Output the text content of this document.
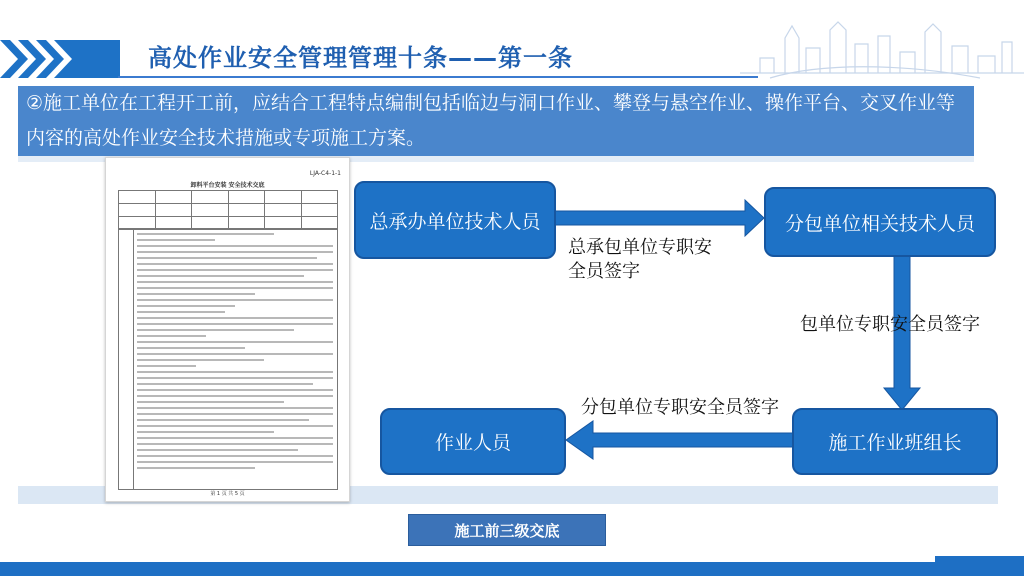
高处作业安全管理管理十条——第一条
②施工单位在工程开工前，应结合工程特点编制包括临边与洞口作业、攀登与悬空作业、操作平台、交叉作业等
内容的高处作业安全技术措施或专项施工方案。
LJA-C4-1-1
卸料平台安装 安全技术交底

第 1 页 共 5 页
总承办单位技术人员	分包单位相关技术人员
施工作业班组长
作业人员
总承包单位专职安
全员签字
包单位专职安全员签字
分包单位专职安全员签字
施工前三级交底
